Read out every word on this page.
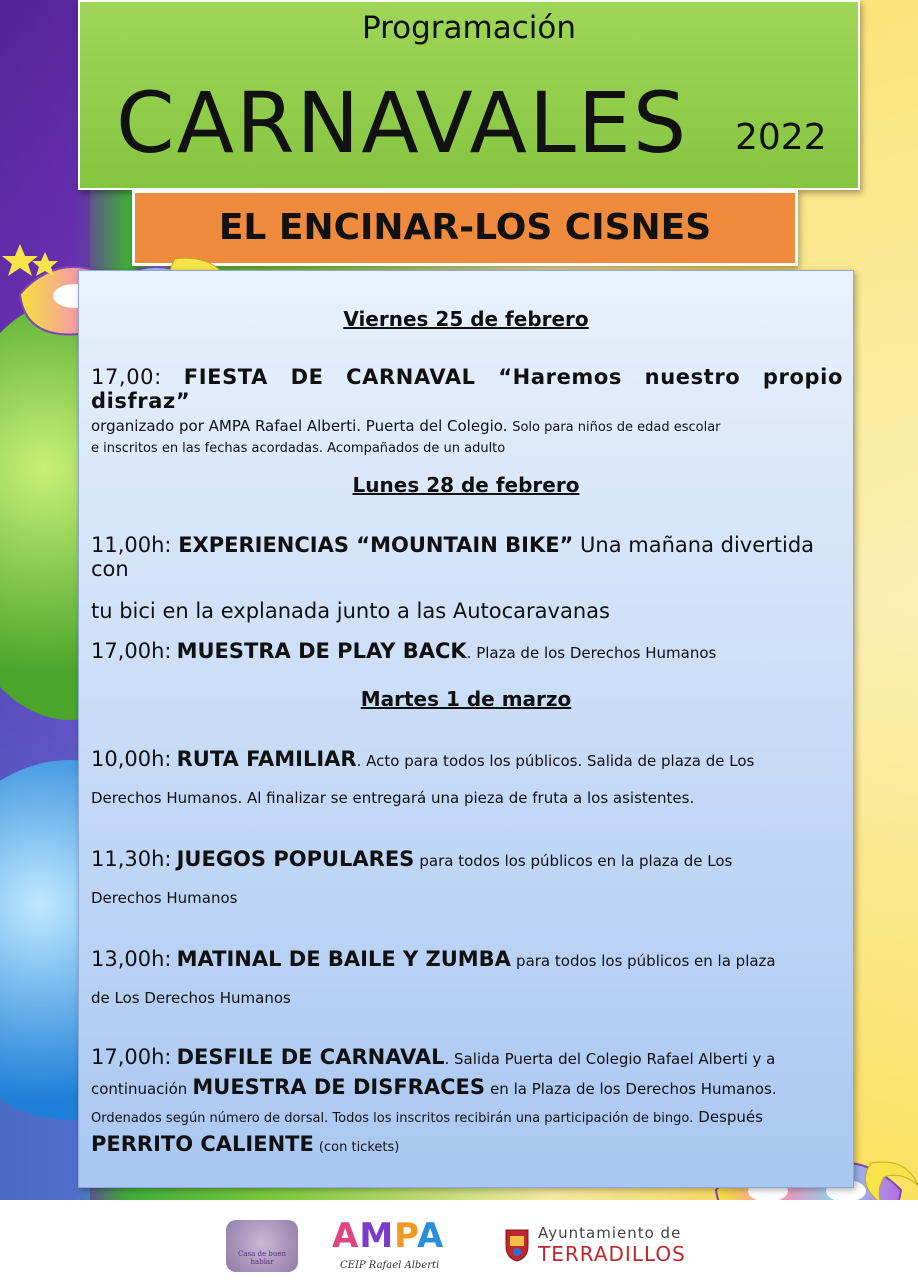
Programación
CARNAVALES 2022
EL ENCINAR-LOS CISNES
Viernes 25 de febrero
17,00: FIESTA DE CARNAVAL “Haremos nuestro propio disfraz”
organizado por AMPA Rafael Alberti. Puerta del Colegio. Solo para niños de edad escolar
e inscritos en las fechas acordadas. Acompañados de un adulto
Lunes 28 de febrero
11,00h: EXPERIENCIAS “MOUNTAIN BIKE” Una mañana divertida con
tu bici en la explanada junto a las Autocaravanas
17,00h: MUESTRA DE PLAY BACK. Plaza de los Derechos Humanos
Martes 1 de marzo
10,00h: RUTA FAMILIAR. Acto para todos los públicos. Salida de plaza de Los
Derechos Humanos. Al finalizar se entregará una pieza de fruta a los asistentes.
11,30h: JUEGOS POPULARES para todos los públicos en la plaza de Los
Derechos Humanos
13,00h: MATINAL DE BAILE Y ZUMBA para todos los públicos en la plaza
de Los Derechos Humanos
17,00h: DESFILE DE CARNAVAL. Salida Puerta del Colegio Rafael Alberti y a
continuación MUESTRA DE DISFRACES en la Plaza de los Derechos Humanos.
Ordenados según número de dorsal. Todos los inscritos recibirán una participación de bingo. Después
PERRITO CALIENTE (con tickets)
Casa de buen hablar
AMPA
CEIP Rafael Alberti
Ayuntamiento de
TERRADILLOS
